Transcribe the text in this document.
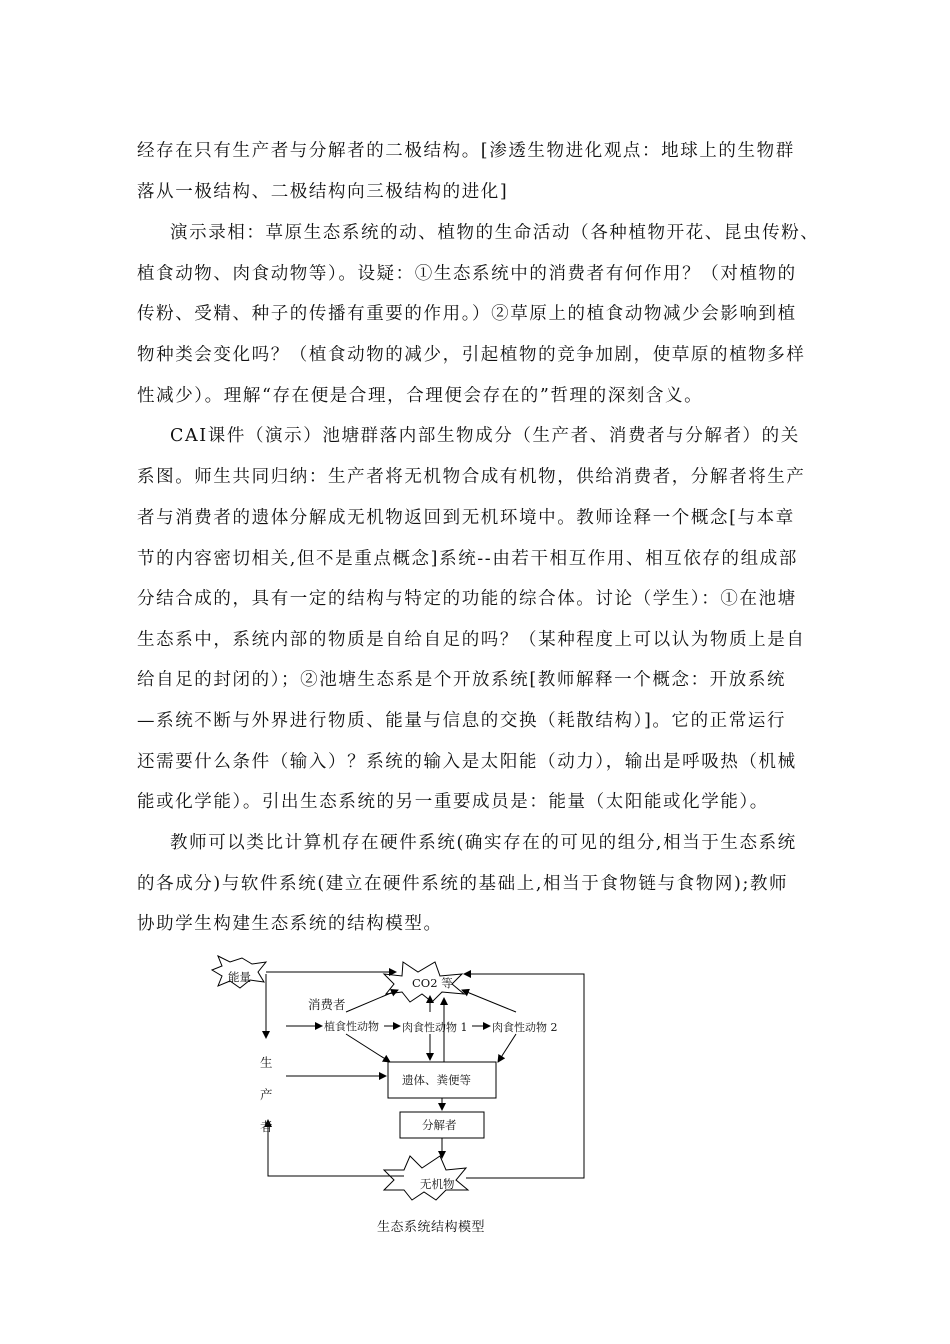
经存在只有生产者与分解者的二极结构。[渗透生物进化观点：地球上的生物群
落从一极结构、二极结构向三极结构的进化]
演示录相：草原生态系统的动、植物的生命活动（各种植物开花、昆虫传粉、
植食动物、肉食动物等）。设疑：①生态系统中的消费者有何作用？（对植物的
传粉、受精、种子的传播有重要的作用。）②草原上的植食动物减少会影响到植
物种类会变化吗？（植食动物的减少，引起植物的竞争加剧，使草原的植物多样
性减少）。理解“存在便是合理，合理便会存在的”哲理的深刻含义。
CAI课件（演示）池塘群落内部生物成分（生产者、消费者与分解者）的关
系图。师生共同归纳：生产者将无机物合成有机物，供给消费者，分解者将生产
者与消费者的遗体分解成无机物返回到无机环境中。教师诠释一个概念[与本章
节的内容密切相关,但不是重点概念]系统--由若干相互作用、相互依存的组成部
分结合成的，具有一定的结构与特定的功能的综合体。讨论（学生）：①在池塘
生态系中，系统内部的物质是自给自足的吗？（某种程度上可以认为物质上是自
给自足的封闭的）；②池塘生态系是个开放系统[教师解释一个概念：开放系统
—系统不断与外界进行物质、能量与信息的交换（耗散结构）]。它的正常运行
还需要什么条件（输入）？系统的输入是太阳能（动力），输出是呼吸热（机械
能或化学能）。引出生态系统的另一重要成员是：能量（太阳能或化学能）。
教师可以类比计算机存在硬件系统(确实存在的可见的组分,相当于生态系统
的各成分)与软件系统(建立在硬件系统的基础上,相当于食物链与食物网);教师
协助学生构建生态系统的结构模型。
能量	CO2 等
消费者
植食性动物 肉食性动物 1 肉食性动物 2
生
产
者
遗体、粪便等
分解者
无机物
生态系统结构模型
